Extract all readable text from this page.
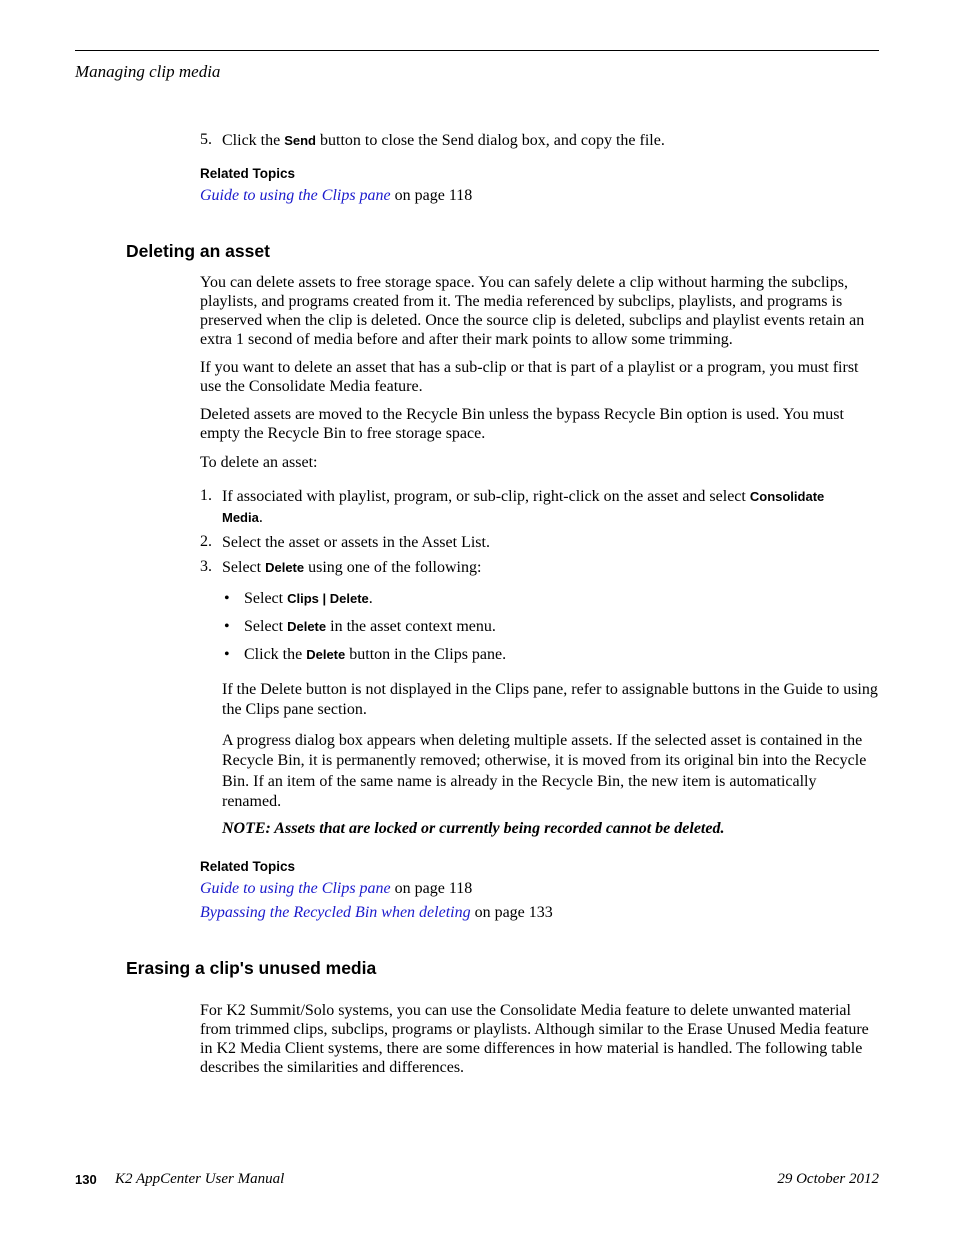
Managing clip media
5. Click the Send button to close the Send dialog box, and copy the file.
Related Topics
Guide to using the Clips pane on page 118
Deleting an asset
You can delete assets to free storage space. You can safely delete a clip without harming the subclips, playlists, and programs created from it. The media referenced by subclips, playlists, and programs is preserved when the clip is deleted. Once the source clip is deleted, subclips and playlist events retain an extra 1 second of media before and after their mark points to allow some trimming.
If you want to delete an asset that has a sub-clip or that is part of a playlist or a program, you must first use the Consolidate Media feature.
Deleted assets are moved to the Recycle Bin unless the bypass Recycle Bin option is used. You must empty the Recycle Bin to free storage space.
To delete an asset:
1. If associated with playlist, program, or sub-clip, right-click on the asset and select Consolidate
Media.
2. Select the asset or assets in the Asset List.
3. Select Delete using one of the following:
• Select Clips | Delete.
• Select Delete in the asset context menu.
• Click the Delete button in the Clips pane.
If the Delete button is not displayed in the Clips pane, refer to assignable buttons in the Guide to using the Clips pane section.
A progress dialog box appears when deleting multiple assets. If the selected asset is contained in the Recycle Bin, it is permanently removed; otherwise, it is moved from its original bin into the Recycle Bin. If an item of the same name is already in the Recycle Bin, the new item is automatically renamed.
NOTE: Assets that are locked or currently being recorded cannot be deleted.
Related Topics
Guide to using the Clips pane on page 118
Bypassing the Recycled Bin when deleting on page 133
Erasing a clip's unused media
For K2 Summit/Solo systems, you can use the Consolidate Media feature to delete unwanted material from trimmed clips, subclips, programs or playlists. Although similar to the Erase Unused Media feature in K2 Media Client systems, there are some differences in how material is handled. The following table describes the similarities and differences.
130 K2 AppCenter User Manual	29 October 2012
